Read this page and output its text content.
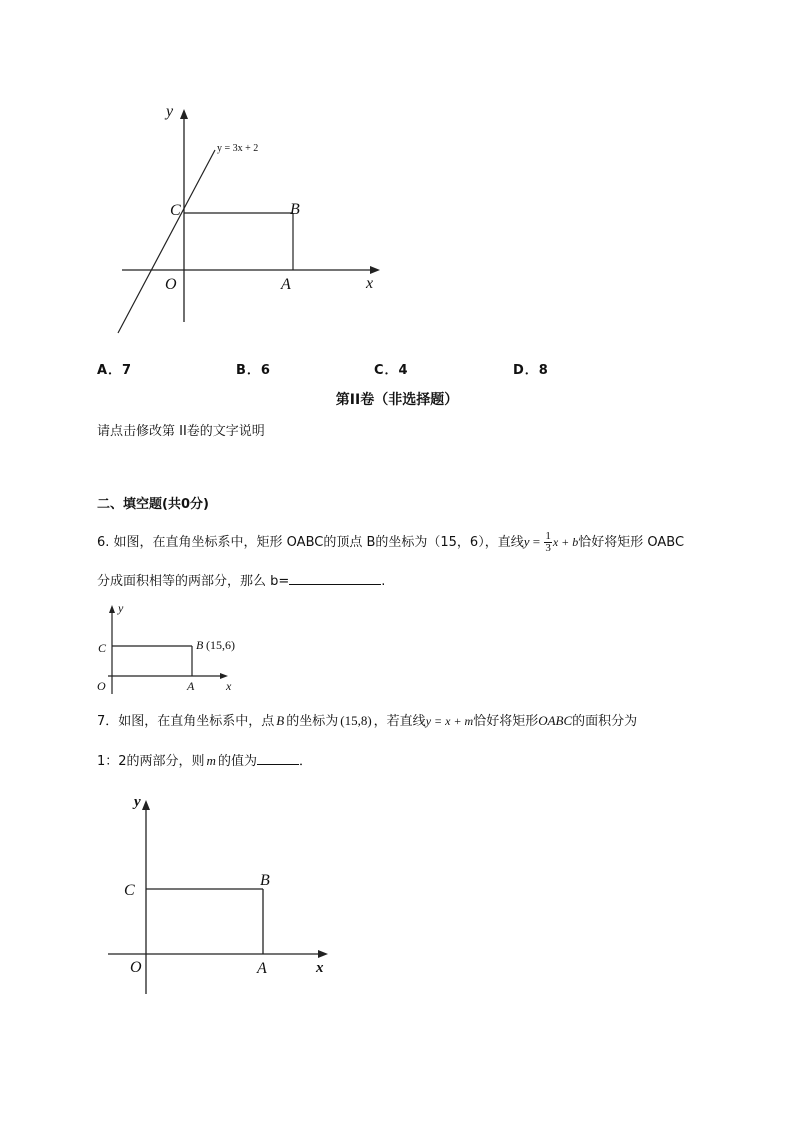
y
x
y = 3x + 2
C	B
O	A
A．7	B．6	C．4	D．8
第II卷（非选择题）
请点击修改第 II卷的文字说明
二、填空题(共0分)
6. 如图，在直角坐标系中，矩形 OABC的顶点 B的坐标为（15，6），直线$y = \frac{1}{3}$ x + b恰好将矩形 OABC
分成面积相等的两部分，那么 b=	.
y
x
C	B (15,6)
O	A
7．如图，在直角坐标系中，点 B 的坐标为 (15,8) ，若直线y = x + m恰好将矩形OABC的面积分为
1：2的两部分，则 m 的值为	．
y
x
C
B
O	A
